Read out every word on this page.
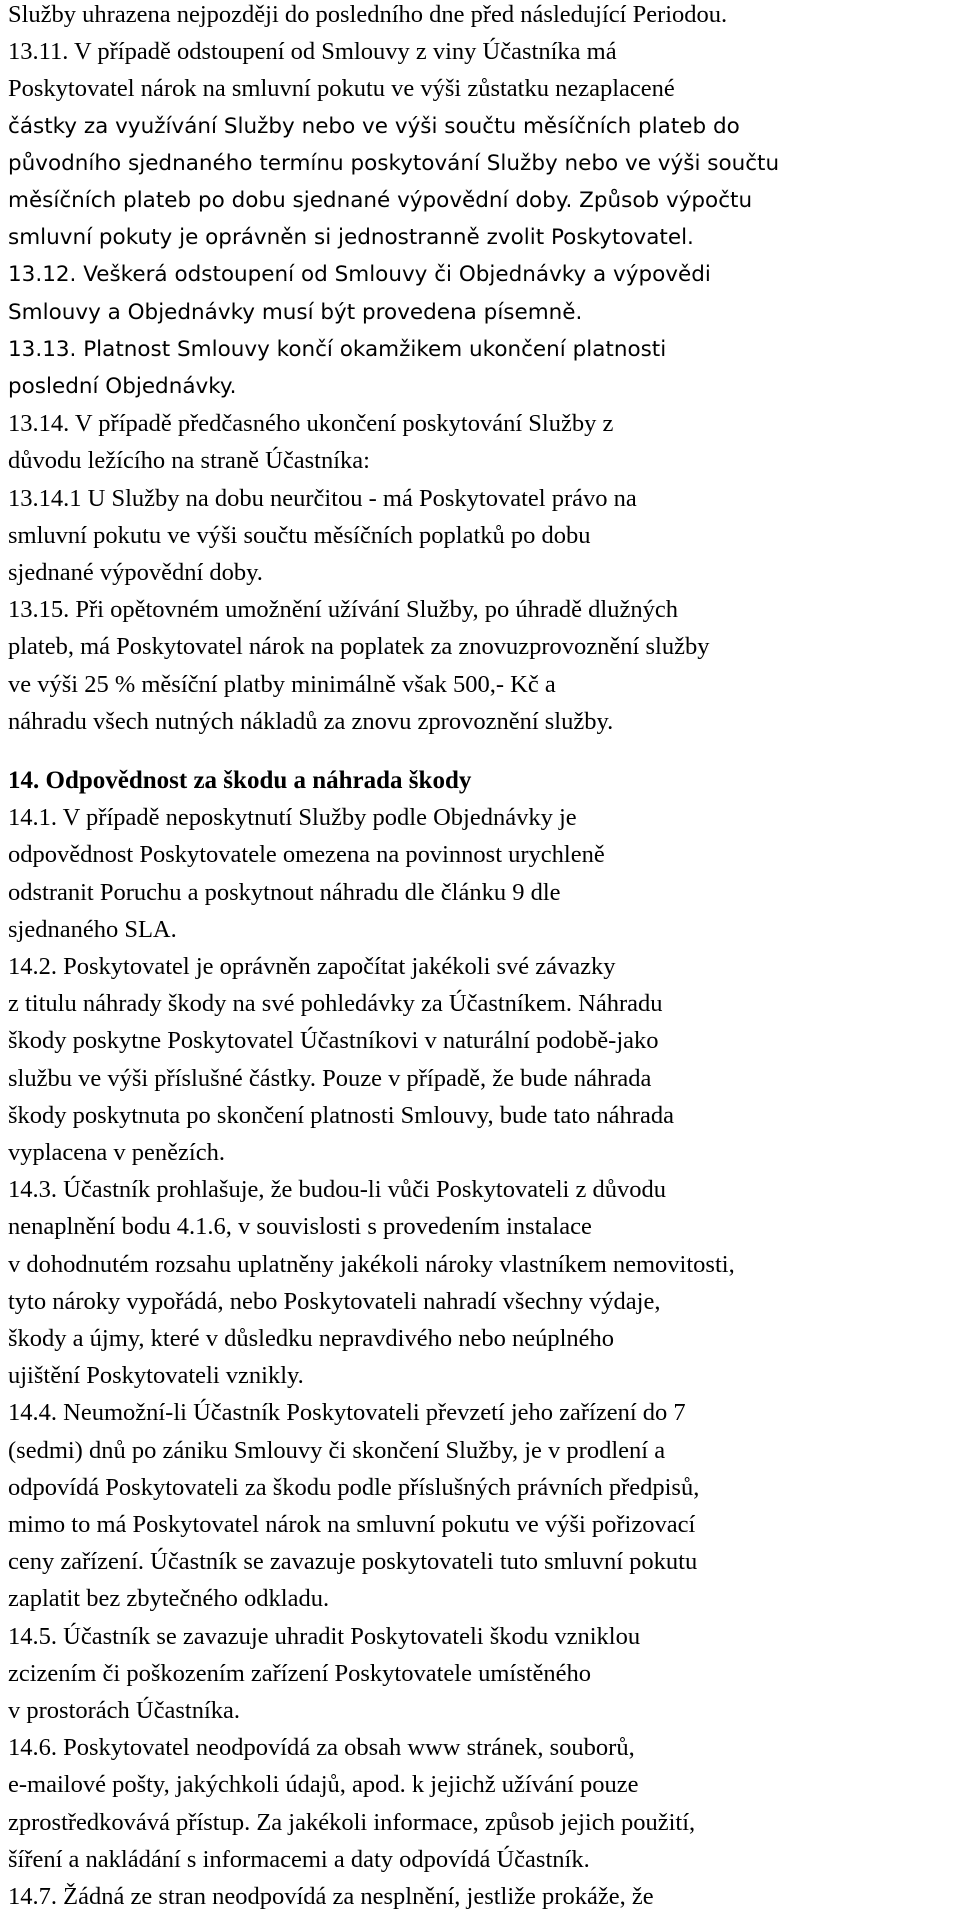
Služby uhrazena nejpozději do posledního dne před následující Periodou.
13.11. V případě odstoupení od Smlouvy z viny Účastníka má
Poskytovatel nárok na smluvní pokutu ve výši zůstatku nezaplacené
částky za využívání Služby nebo ve výši součtu měsíčních plateb do
původního sjednaného termínu poskytování Služby nebo ve výši součtu
měsíčních plateb po dobu sjednané výpovědní doby. Způsob výpočtu
smluvní pokuty je oprávněn si jednostranně zvolit Poskytovatel.
13.12. Veškerá odstoupení od Smlouvy či Objednávky a výpovědi
Smlouvy a Objednávky musí být provedena písemně.
13.13. Platnost Smlouvy končí okamžikem ukončení platnosti
poslední Objednávky.
13.14. V případě předčasného ukončení poskytování Služby z
důvodu ležícího na straně Účastníka:
13.14.1 U Služby na dobu neurčitou - má Poskytovatel právo na
smluvní pokutu ve výši součtu měsíčních poplatků po dobu
sjednané výpovědní doby.
13.15. Při opětovném umožnění užívání Služby, po úhradě dlužných
plateb, má Poskytovatel nárok na poplatek za znovuzprovoznění služby
ve výši 25 % měsíční platby minimálně však 500,- Kč a
náhradu všech nutných nákladů za znovu zprovoznění služby.
14. Odpovědnost za škodu a náhrada škody
14.1. V případě neposkytnutí Služby podle Objednávky je
odpovědnost Poskytovatele omezena na povinnost urychleně
odstranit Poruchu a poskytnout náhradu dle článku 9 dle
sjednaného SLA.
14.2. Poskytovatel je oprávněn započítat jakékoli své závazky
z titulu náhrady škody na své pohledávky za Účastníkem. Náhradu
škody poskytne Poskytovatel Účastníkovi v naturální podobě-jako
službu ve výši příslušné částky. Pouze v případě, že bude náhrada
škody poskytnuta po skončení platnosti Smlouvy, bude tato náhrada
vyplacena v penězích.
14.3. Účastník prohlašuje, že budou-li vůči Poskytovateli z důvodu
nenaplnění bodu 4.1.6, v souvislosti s provedením instalace
v dohodnutém rozsahu uplatněny jakékoli nároky vlastníkem nemovitosti,
tyto nároky vypořádá, nebo Poskytovateli nahradí všechny výdaje,
škody a újmy, které v důsledku nepravdivého nebo neúplného
ujištění Poskytovateli vznikly.
14.4. Neumožní-li Účastník Poskytovateli převzetí jeho zařízení do 7
(sedmi) dnů po zániku Smlouvy či skončení Služby, je v prodlení a
odpovídá Poskytovateli za škodu podle příslušných právních předpisů,
mimo to má Poskytovatel nárok na smluvní pokutu ve výši pořizovací
ceny zařízení. Účastník se zavazuje poskytovateli tuto smluvní pokutu
zaplatit bez zbytečného odkladu.
14.5. Účastník se zavazuje uhradit Poskytovateli škodu vzniklou
zcizením či poškozením zařízení Poskytovatele umístěného
v prostorách Účastníka.
14.6. Poskytovatel neodpovídá za obsah www stránek, souborů,
e-mailové pošty, jakýchkoli údajů, apod. k jejichž užívání pouze
zprostředkovává přístup. Za jakékoli informace, způsob jejich použití,
šíření a nakládání s informacemi a daty odpovídá Účastník.
14.7. Žádná ze stran neodpovídá za nesplnění, jestliže prokáže, že
